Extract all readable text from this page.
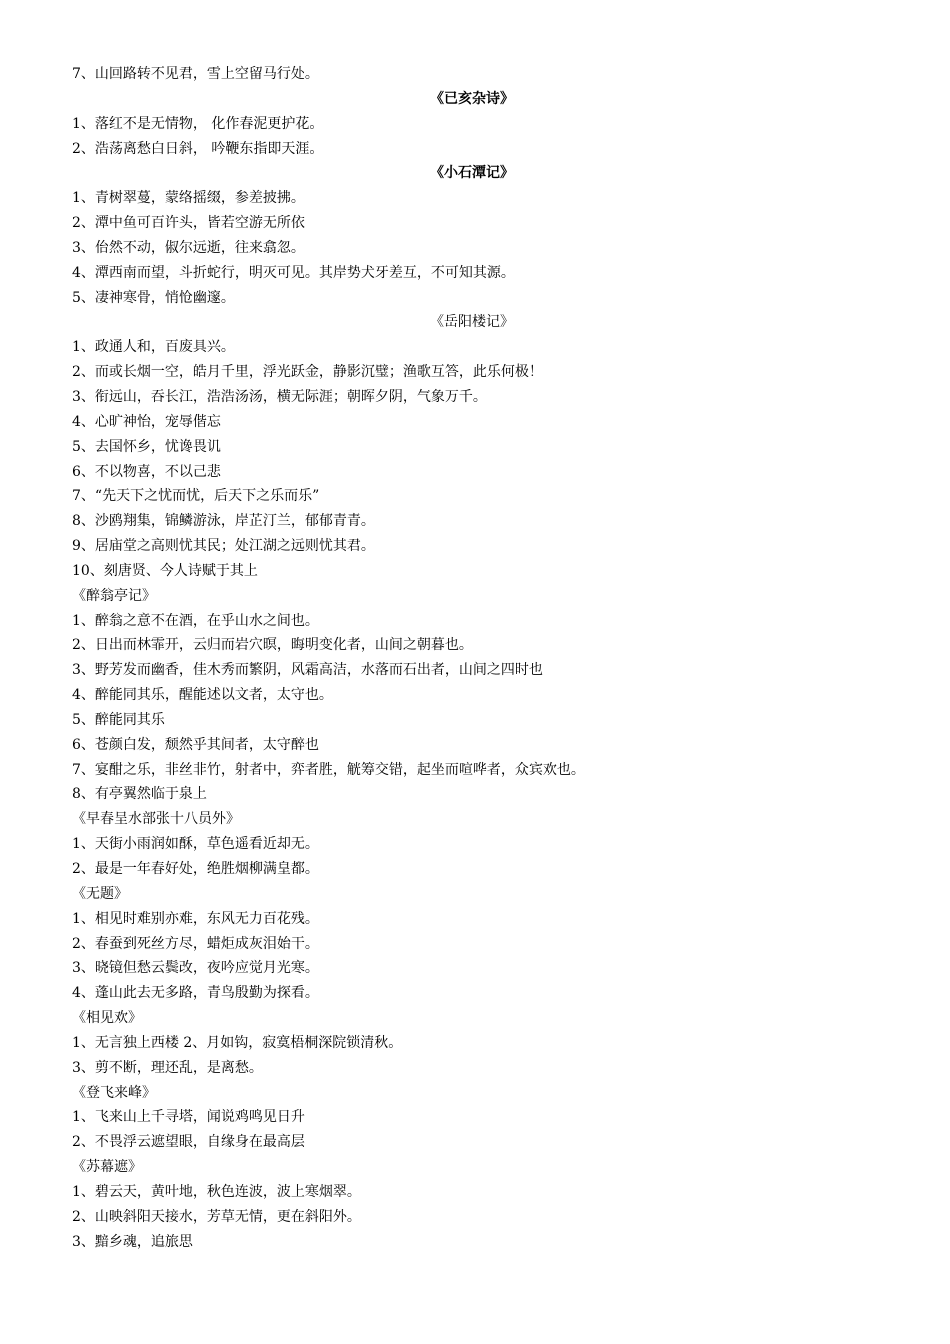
7、山回路转不见君，雪上空留马行处。
《已亥杂诗》
1、落红不是无情物， 化作春泥更护花。
2、浩荡离愁白日斜， 吟鞭东指即天涯。
《小石潭记》
1、青树翠蔓，蒙络摇缀，参差披拂。
2、潭中鱼可百许头，皆若空游无所依
3、佁然不动，俶尔远逝，往来翕忽。
4、潭西南而望，斗折蛇行，明灭可见。其岸势犬牙差互，不可知其源。
5、凄神寒骨，悄怆幽邃。
《岳阳楼记》
1、政通人和，百废具兴。
2、而或长烟一空，皓月千里，浮光跃金，静影沉璧；渔歌互答，此乐何极！
3、衔远山，吞长江，浩浩汤汤，横无际涯；朝晖夕阴，气象万千。
4、心旷神怡，宠辱偕忘
5、去国怀乡，忧谗畏讥
6、不以物喜，不以己悲
7、“先天下之忧而忧，后天下之乐而乐”
8、沙鸥翔集，锦鳞游泳，岸芷汀兰，郁郁青青。
9、居庙堂之高则忧其民；处江湖之远则忧其君。
10、刻唐贤、今人诗赋于其上
《醉翁亭记》
1、醉翁之意不在酒，在乎山水之间也。
2、日出而林霏开，云归而岩穴暝，晦明变化者，山间之朝暮也。
3、野芳发而幽香，佳木秀而繁阴，风霜高洁，水落而石出者，山间之四时也
4、醉能同其乐，醒能述以文者，太守也。
5、醉能同其乐
6、苍颜白发，颓然乎其间者，太守醉也
7、宴酣之乐，非丝非竹，射者中，弈者胜，觥筹交错，起坐而喧哗者，众宾欢也。
8、有亭翼然临于泉上
《早春呈水部张十八员外》
1、天街小雨润如酥，草色遥看近却无。
2、最是一年春好处，绝胜烟柳满皇都。
《无题》
1、相见时难别亦难，东风无力百花残。
2、春蚕到死丝方尽，蜡炬成灰泪始干。
3、晓镜但愁云鬓改，夜吟应觉月光寒。
4、蓬山此去无多路，青鸟殷勤为探看。
《相见欢》
1、无言独上西楼 2、月如钩，寂寞梧桐深院锁清秋。
3、剪不断，理还乱，是离愁。
《登飞来峰》
1、飞来山上千寻塔，闻说鸡鸣见日升
2、不畏浮云遮望眼，自缘身在最高层
《苏幕遮》
1、碧云天，黄叶地，秋色连波，波上寒烟翠。
2、山映斜阳天接水，芳草无情，更在斜阳外。
3、黯乡魂，追旅思
